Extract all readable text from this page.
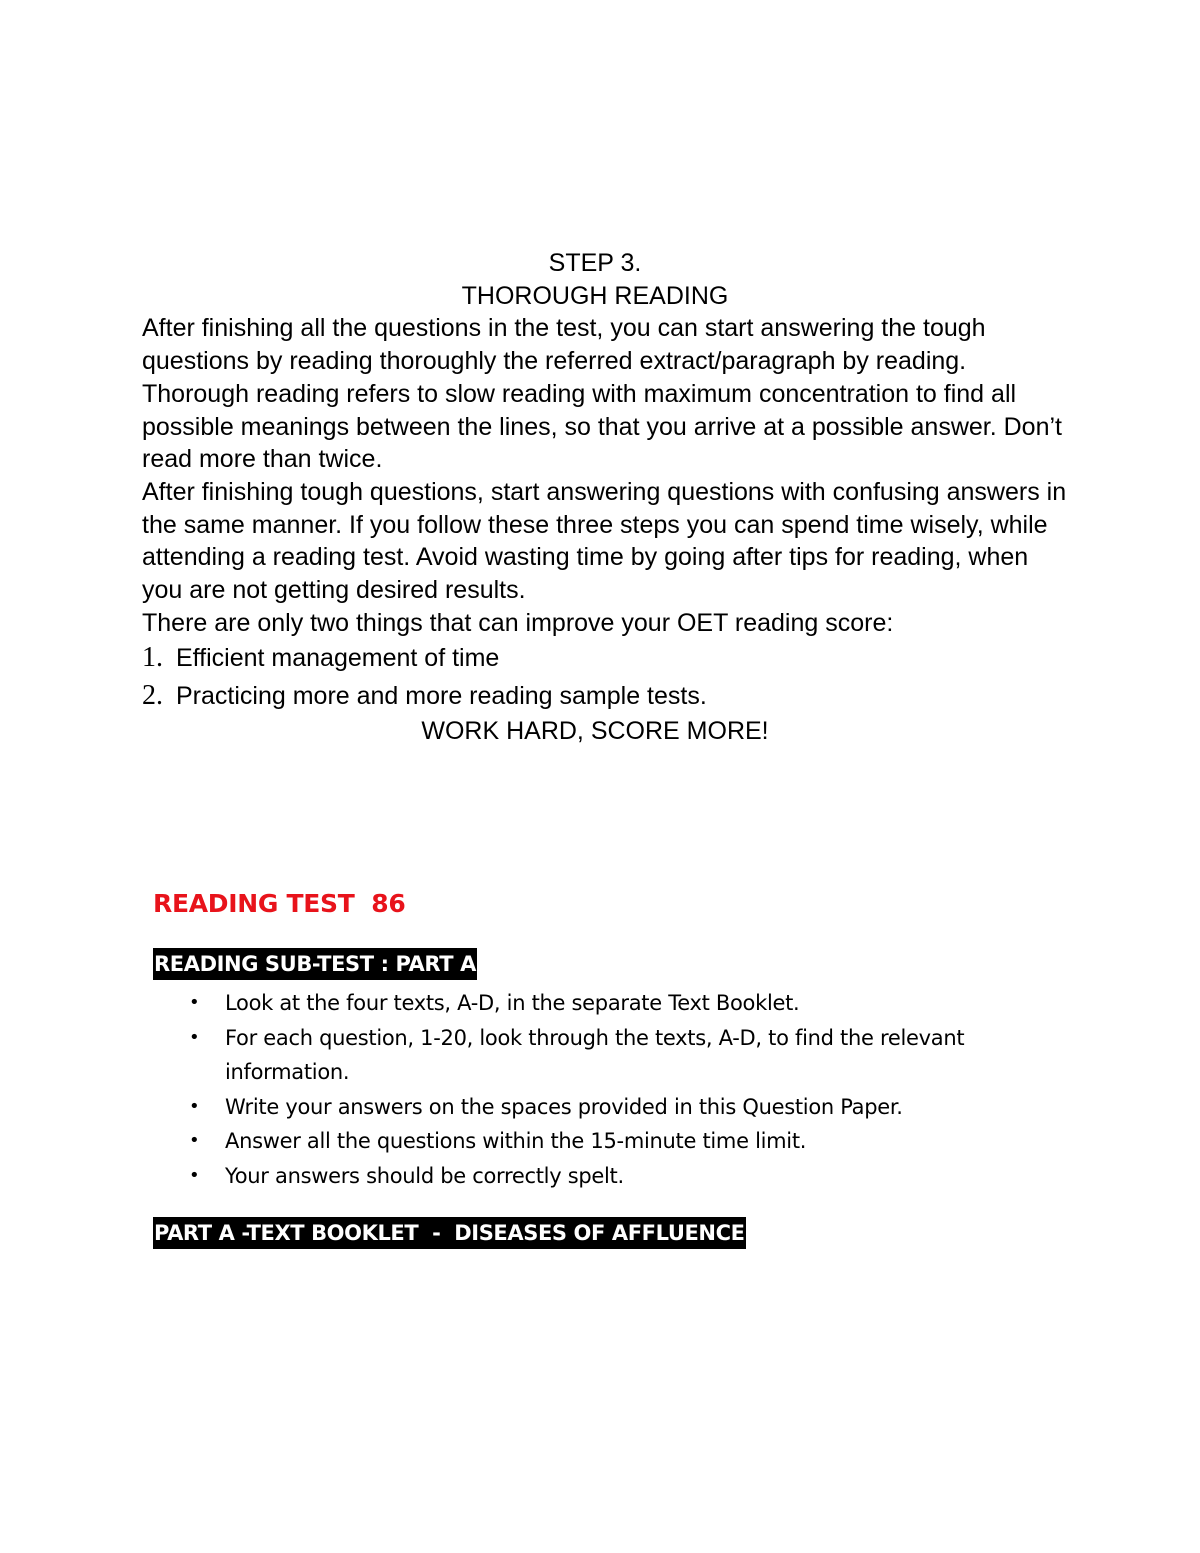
STEP 3.
THOROUGH READING

After finishing all the questions in the test, you can start answering the tough questions by reading thoroughly the referred extract/paragraph by reading. Thorough reading refers to slow reading with maximum concentration to find all possible meanings between the lines, so that you arrive at a possible answer. Don’t read more than twice.

After finishing tough questions, start answering questions with confusing answers in the same manner. If you follow these three steps you can spend time wisely, while attending a reading test. Avoid wasting time by going after tips for reading, when you are not getting desired results.

There are only two things that can improve your OET reading score:

1. Efficient management of time
2. Practicing more and more reading sample tests.
WORK HARD, SCORE MORE!
READING TEST  86
READING SUB-TEST : PART A
•	Look at the four texts, A-D, in the separate Text Booklet.
•	For each question, 1-20, look through the texts, A-D, to find the relevant information.
•	Write your answers on the spaces provided in this Question Paper.
•	Answer all the questions within the 15-minute time limit.
•	Your answers should be correctly spelt.
PART A -TEXT BOOKLET  -  DISEASES OF AFFLUENCE
